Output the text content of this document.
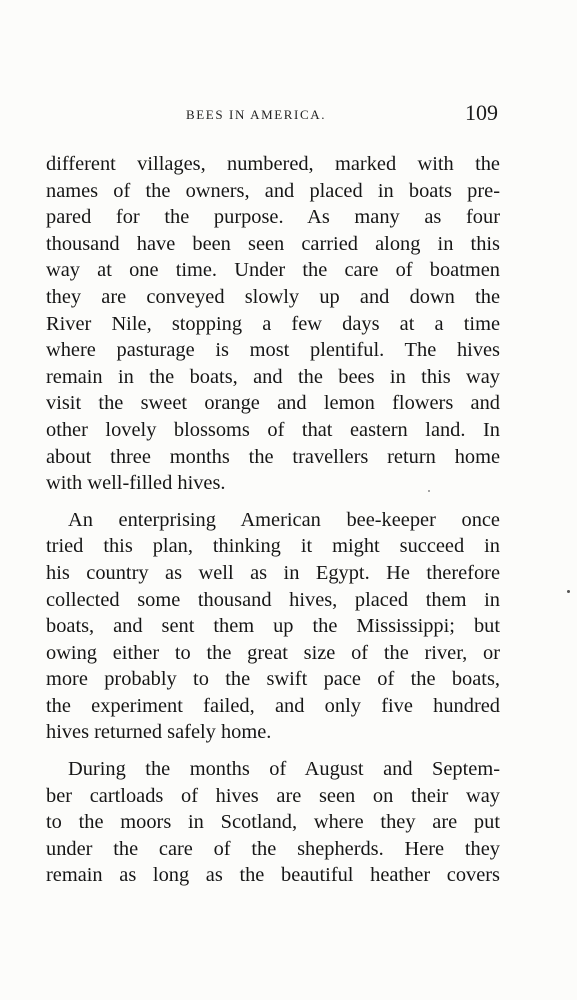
BEES IN AMERICA.	109
different villages, numbered, marked with the
names of the owners, and placed in boats pre-
pared for the purpose. As many as four
thousand have been seen carried along in this
way at one time. Under the care of boatmen
they are conveyed slowly up and down the
River Nile, stopping a few days at a time
where pasturage is most plentiful. The hives
remain in the boats, and the bees in this way
visit the sweet orange and lemon flowers and
other lovely blossoms of that eastern land. In
about three months the travellers return home
with well-filled hives.
An enterprising American bee-keeper once
tried this plan, thinking it might succeed in
his country as well as in Egypt. He therefore
collected some thousand hives, placed them in
boats, and sent them up the Mississippi; but
owing either to the great size of the river, or
more probably to the swift pace of the boats,
the experiment failed, and only five hundred
hives returned safely home.
During the months of August and Septem-
ber cartloads of hives are seen on their way
to the moors in Scotland, where they are put
under the care of the shepherds. Here they
remain as long as the beautiful heather covers
